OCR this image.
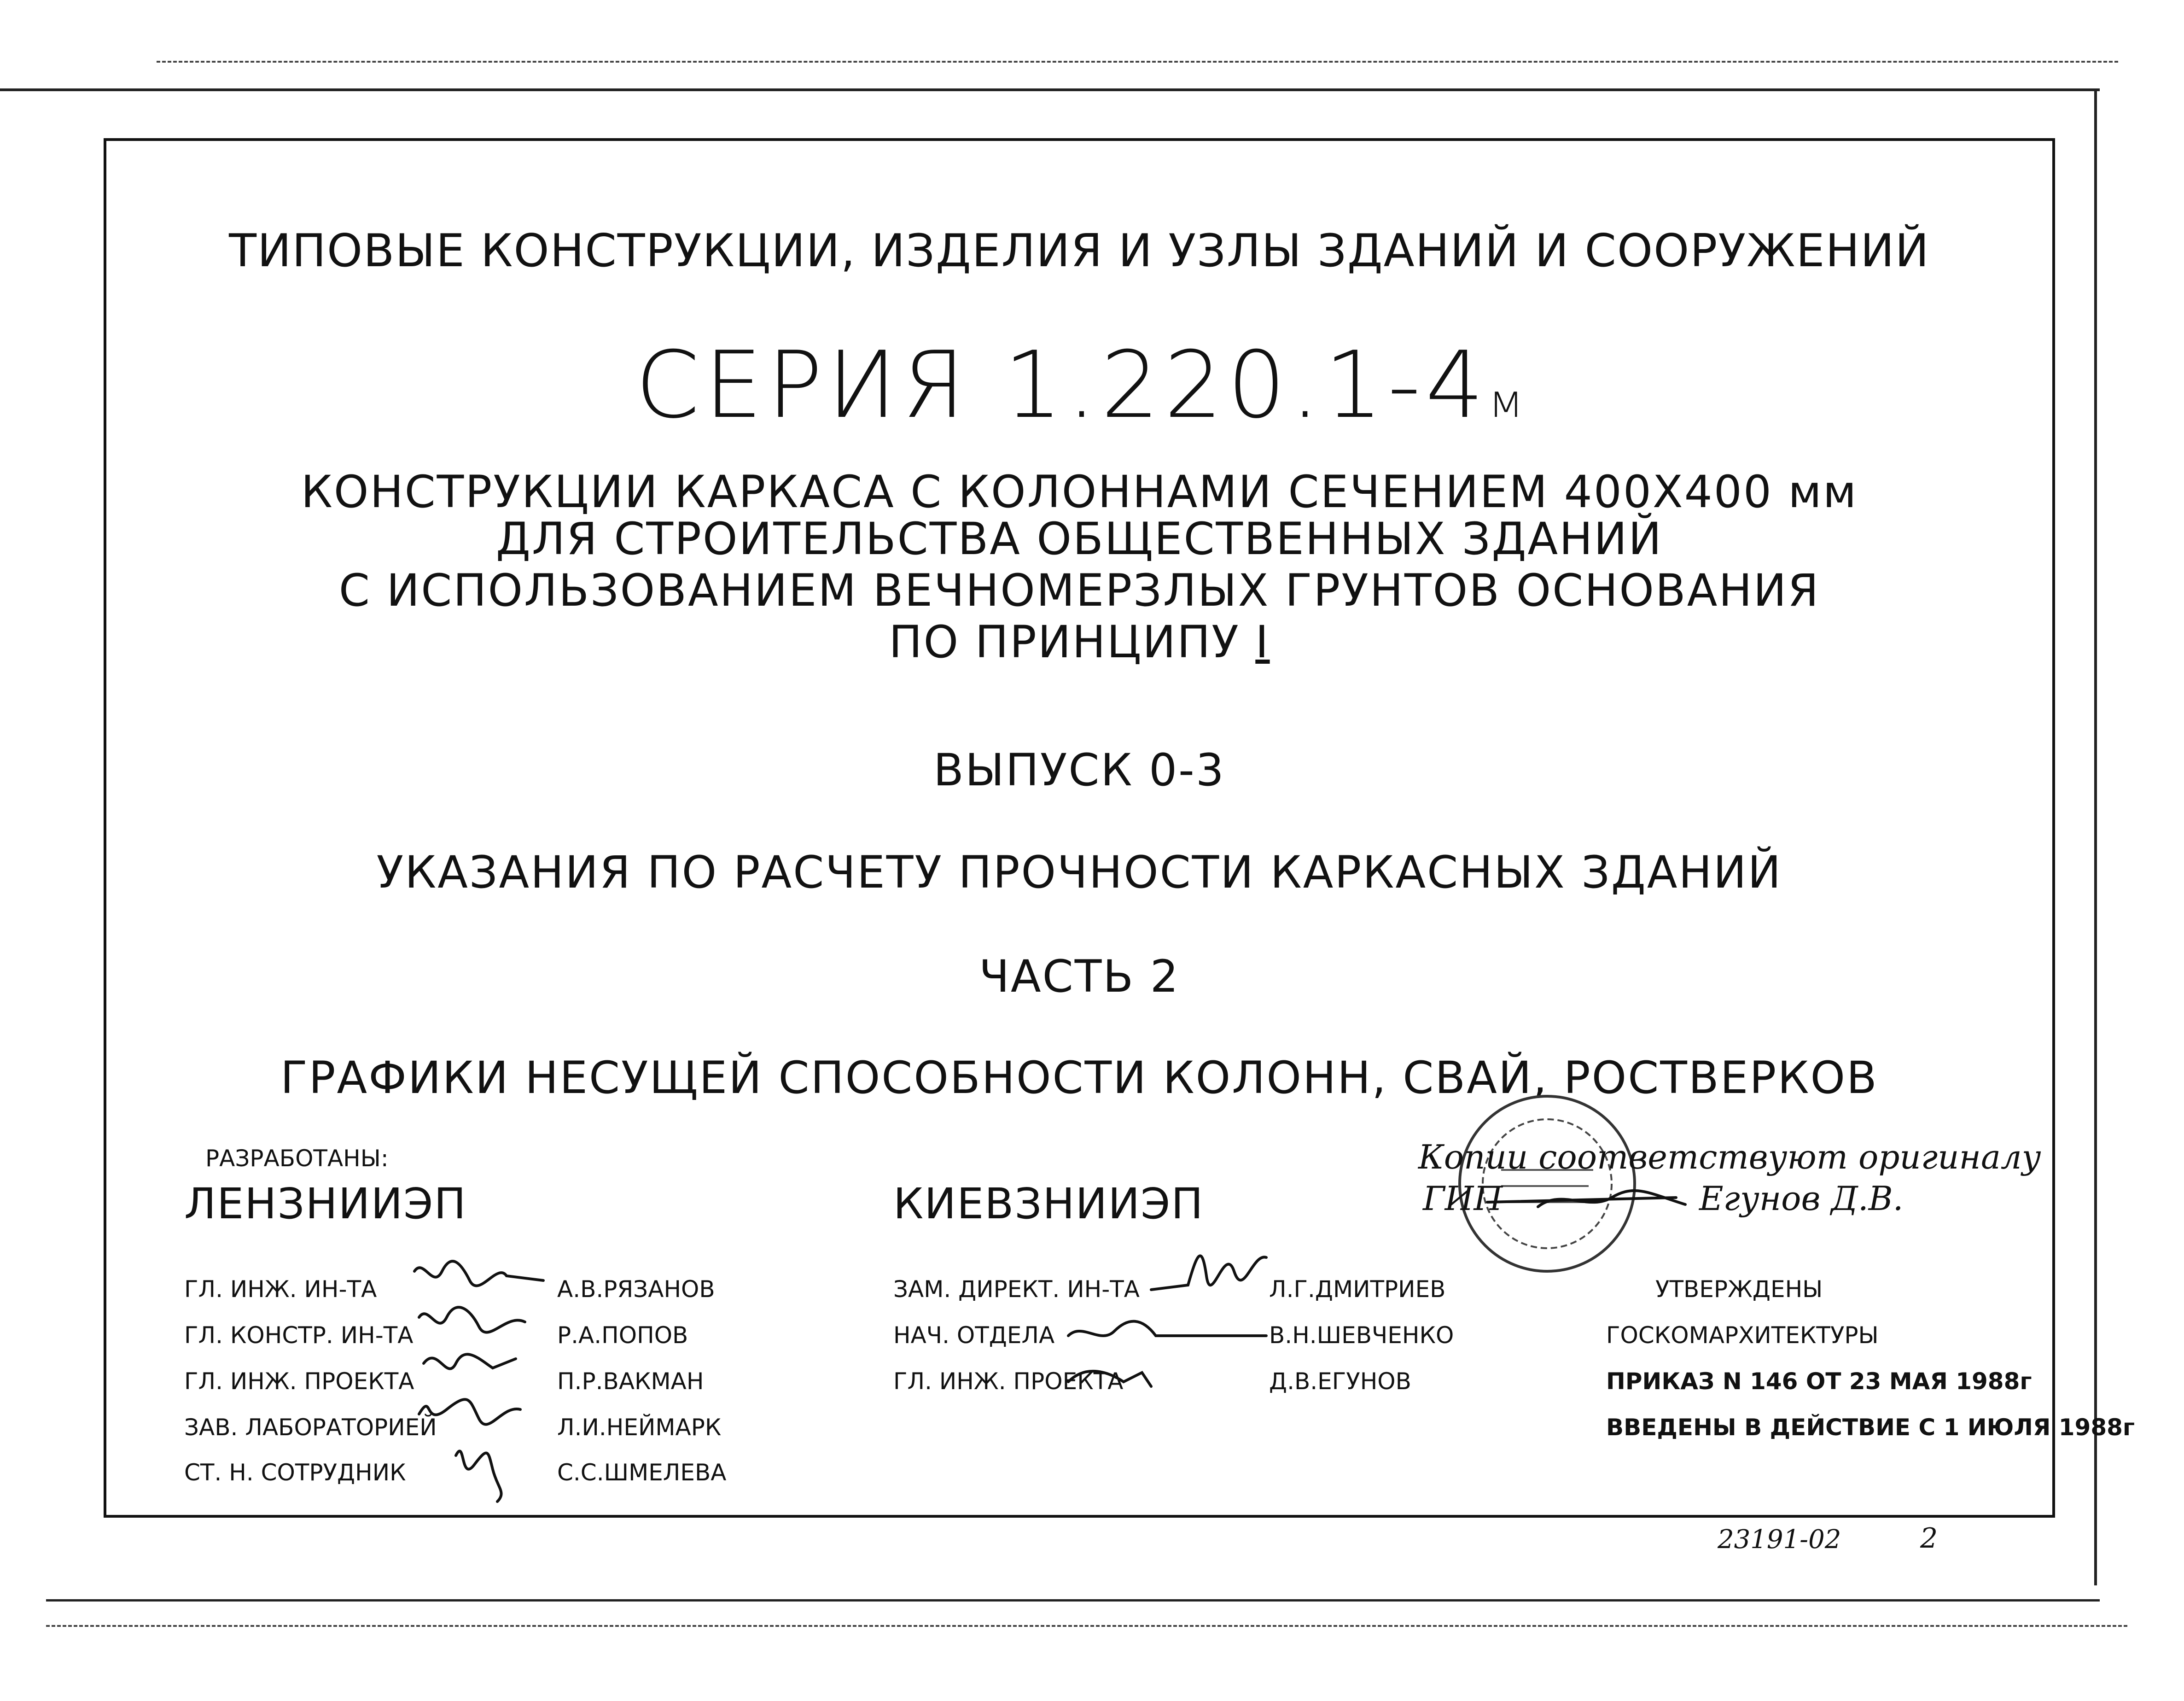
ТИПОВЫЕ КОНСТРУКЦИИ, ИЗДЕЛИЯ И УЗЛЫ ЗДАНИЙ И СООРУЖЕНИЙ
СЕРИЯ 1.220.1-4м
КОНСТРУКЦИИ КАРКАСА С КОЛОННАМИ СЕЧЕНИЕМ 400Х400 мм
ДЛЯ СТРОИТЕЛЬСТВА ОБЩЕСТВЕННЫХ ЗДАНИЙ
С ИСПОЛЬЗОВАНИЕМ ВЕЧНОМЕРЗЛЫХ ГРУНТОВ ОСНОВАНИЯ
ПО ПРИНЦИПУ I
ВЫПУСК 0-3
УКАЗАНИЯ ПО РАСЧЕТУ ПРОЧНОСТИ КАРКАСНЫХ ЗДАНИЙ
ЧАСТЬ 2
ГРАФИКИ НЕСУЩЕЙ СПОСОБНОСТИ КОЛОНН, СВАЙ, РОСТВЕРКОВ
РАЗРАБОТАНЫ:
ЛЕНЗНИИЭП
ГЛ. ИНЖ. ИН-ТА	А.В.РЯЗАНОВ
ГЛ. КОНСТР. ИН-ТА	Р.А.ПОПОВ
ГЛ. ИНЖ. ПРОЕКТА	П.Р.ВАКМАН
ЗАВ. ЛАБОРАТОРИЕЙ	Л.И.НЕЙМАРК
СТ. Н. СОТРУДНИК	С.С.ШМЕЛЕВА
КИЕВЗНИИЭП
ЗАМ. ДИРЕКТ. ИН-ТА	Л.Г.ДМИТРИЕВ
НАЧ. ОТДЕЛА	В.Н.ШЕВЧЕНКО
ГЛ. ИНЖ. ПРОЕКТА	Д.В.ЕГУНОВ
Копии соответствуют оригиналу
ГИП	Егунов Д.В.
УТВЕРЖДЕНЫ
ГОСКОМАРХИТЕКТУРЫ
ПРИКАЗ N 146 ОТ 23 МАЯ 1988г
ВВЕДЕНЫ В ДЕЙСТВИЕ С 1 ИЮЛЯ 1988г
23191-02	2
